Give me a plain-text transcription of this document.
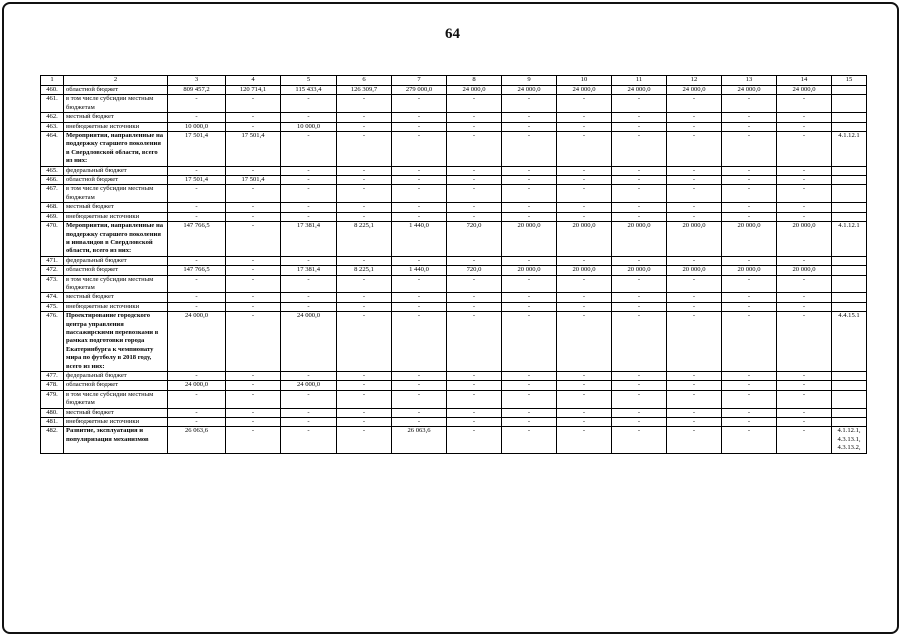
64
1	2	3	4	5	6	7	8	9	10	11	12	13	14	15
460.	областной бюджет	809 457,2	120 714,1	115 433,4	126 309,7	279 000,0	24 000,0	24 000,0	24 000,0	24 000,0	24 000,0	24 000,0	24 000,0	
461.	в том числе субсидии местным бюджетам	-	-	-	-	-	-	-	-	-	-	-	-	
462.	местный бюджет	-	-	-	-	-	-	-	-	-	-	-	-	
463.	внебюджетные источники	10 000,0	-	10 000,0	-	-	-	-	-	-	-	-	-	
464.	Мероприятия, направленные на поддержку старшего поколения в Свердловской области, всего из них:	17 501,4	17 501,4	-	-	-	-	-	-	-	-	-	-	4.1.12.1
465.	федеральный бюджет	-	-	-	-	-	-	-	-	-	-	-	-	
466.	областной бюджет	17 501,4	17 501,4	-	-	-	-	-	-	-	-	-	-	
467.	в том числе субсидии местным бюджетам	-	-	-	-	-	-	-	-	-	-	-	-	
468.	местный бюджет	-	-	-	-	-	-	-	-	-	-	-	-	
469.	внебюджетные источники	-	-	-	-	-	-	-	-	-	-	-	-	
470.	Мероприятия, направленные на поддержку старшего поколения и инвалидов в Свердловской области, всего из них:	147 766,5	-	17 381,4	8 225,1	1 440,0	720,0	20 000,0	20 000,0	20 000,0	20 000,0	20 000,0	20 000,0	4.1.12.1
471.	федеральный бюджет	-	-	-	-	-	-	-	-	-	-	-	-	
472.	областной бюджет	147 766,5	-	17 381,4	8 225,1	1 440,0	720,0	20 000,0	20 000,0	20 000,0	20 000,0	20 000,0	20 000,0	
473.	в том числе субсидии местным бюджетам	-	-	-	-	-	-	-	-	-	-	-	-	
474.	местный бюджет	-	-	-	-	-	-	-	-	-	-	-	-	
475.	внебюджетные источники	-	-	-	-	-	-	-	-	-	-	-	-	
476.	Проектирование городского центра управления пассажирскими перевозками в рамках подготовки города Екатеринбурга к чемпионату мира по футболу в 2018 году, всего из них:	24 000,0	-	24 000,0	-	-	-	-	-	-	-	-	-	4.4.15.1
477.	федеральный бюджет	-	-	-	-	-	-	-	-	-	-	-	-	
478.	областной бюджет	24 000,0	-	24 000,0	-	-	-	-	-	-	-	-	-	
479.	в том числе субсидии местным бюджетам	-	-	-	-	-	-	-	-	-	-	-	-	
480.	местный бюджет	-	-	-	-	-	-	-	-	-	-	-	-	
481.	внебюджетные источники	-	-	-	-	-	-	-	-	-	-	-	-	
482.	Развитие, эксплуатация и популяризация механизмов	26 063,6	-	-	-	26 063,6	-	-	-	-	-	-	-	4.1.12.1, 4.3.13.1, 4.3.13.2,
